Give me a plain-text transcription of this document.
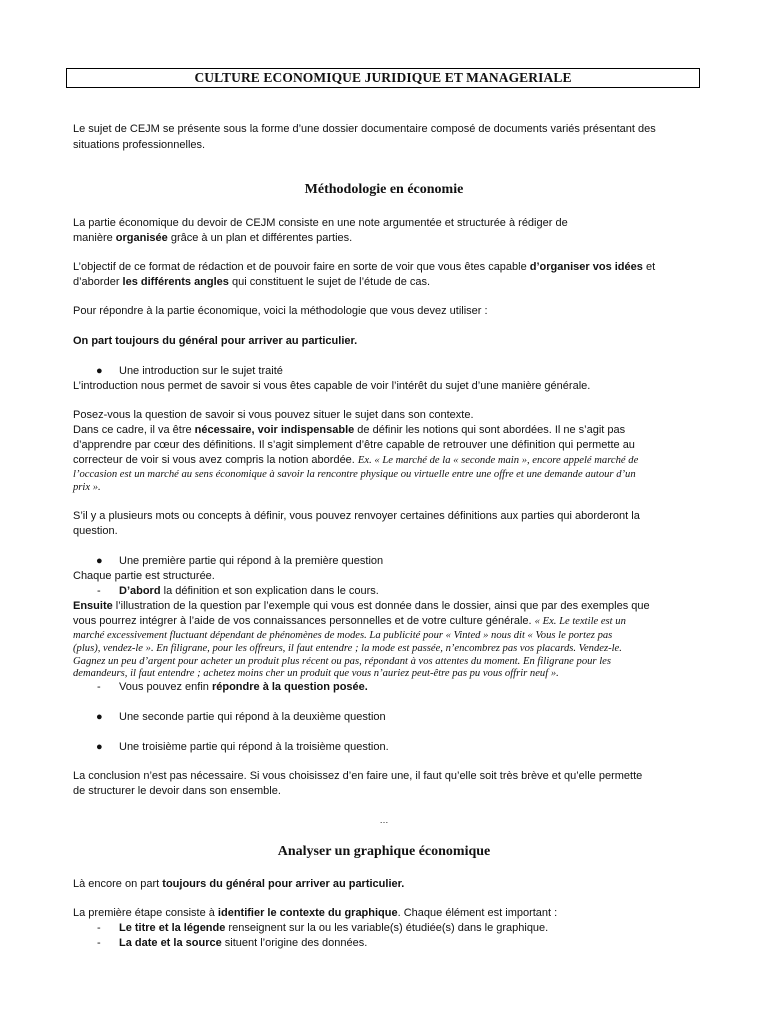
CULTURE ECONOMIQUE JURIDIQUE ET MANAGERIALE
Le sujet de CEJM se présente sous la forme d’une dossier documentaire composé de documents variés présentant des
situations professionnelles.
Méthodologie en économie
La partie économique du devoir de CEJM consiste en une note argumentée et structurée à rédiger de
manière organisée grâce à un plan et différentes parties.
L’objectif de ce format de rédaction et de pouvoir faire en sorte de voir que vous êtes capable d’organiser vos idées et
d’aborder les différents angles qui constituent le sujet de l’étude de cas.
Pour répondre à la partie économique, voici la méthodologie que vous devez utiliser :
On part toujours du général pour arriver au particulier.
● Une introduction sur le sujet traité
L’introduction nous permet de savoir si vous êtes capable de voir l’intérêt du sujet d’une manière générale.
Posez-vous la question de savoir si vous pouvez situer le sujet dans son contexte.
Dans ce cadre, il va être nécessaire, voir indispensable de définir les notions qui sont abordées. Il ne s’agit pas
d’apprendre par cœur des définitions. Il s’agit simplement d’être capable de retrouver une définition qui permette au
correcteur de voir si vous avez compris la notion abordée. Ex. « Le marché de la « seconde main », encore appelé marché de
l’occasion est un marché au sens économique à savoir la rencontre physique ou virtuelle entre une offre et une demande autour d’un
prix ».
S’il y a plusieurs mots ou concepts à définir, vous pouvez renvoyer certaines définitions aux parties qui aborderont la
question.
● Une première partie qui répond à la première question
Chaque partie est structurée.
- D’abord la définition et son explication dans le cours.
Ensuite l’illustration de la question par l’exemple qui vous est donnée dans le dossier, ainsi que par des exemples que
vous pourrez intégrer à l’aide de vos connaissances personnelles et de votre culture générale. « Ex. Le textile est un
marché excessivement fluctuant dépendant de phénomènes de modes. La publicité pour « Vinted » nous dit « Vous le portez pas
(plus), vendez-le ». En filigrane, pour les offreurs, il faut entendre ; la mode est passée, n’encombrez pas vos placards. Vendez-le.
Gagnez un peu d’argent pour acheter un produit plus récent ou pas, répondant à vos attentes du moment. En filigrane pour les
demandeurs, il faut entendre ; achetez moins cher un produit que vous n’auriez peut-être pas pu vous offrir neuf ».
- Vous pouvez enfin répondre à la question posée.
● Une seconde partie qui répond à la deuxième question
● Une troisième partie qui répond à la troisième question.
La conclusion n’est pas nécessaire. Si vous choisissez d’en faire une, il faut qu’elle soit très brève et qu’elle permette
de structurer le devoir dans son ensemble.
…
Analyser un graphique économique
Là encore on part toujours du général pour arriver au particulier.
La première étape consiste à identifier le contexte du graphique. Chaque élément est important :
- Le titre et la légende renseignent sur la ou les variable(s) étudiée(s) dans le graphique.
- La date et la source situent l’origine des données.
